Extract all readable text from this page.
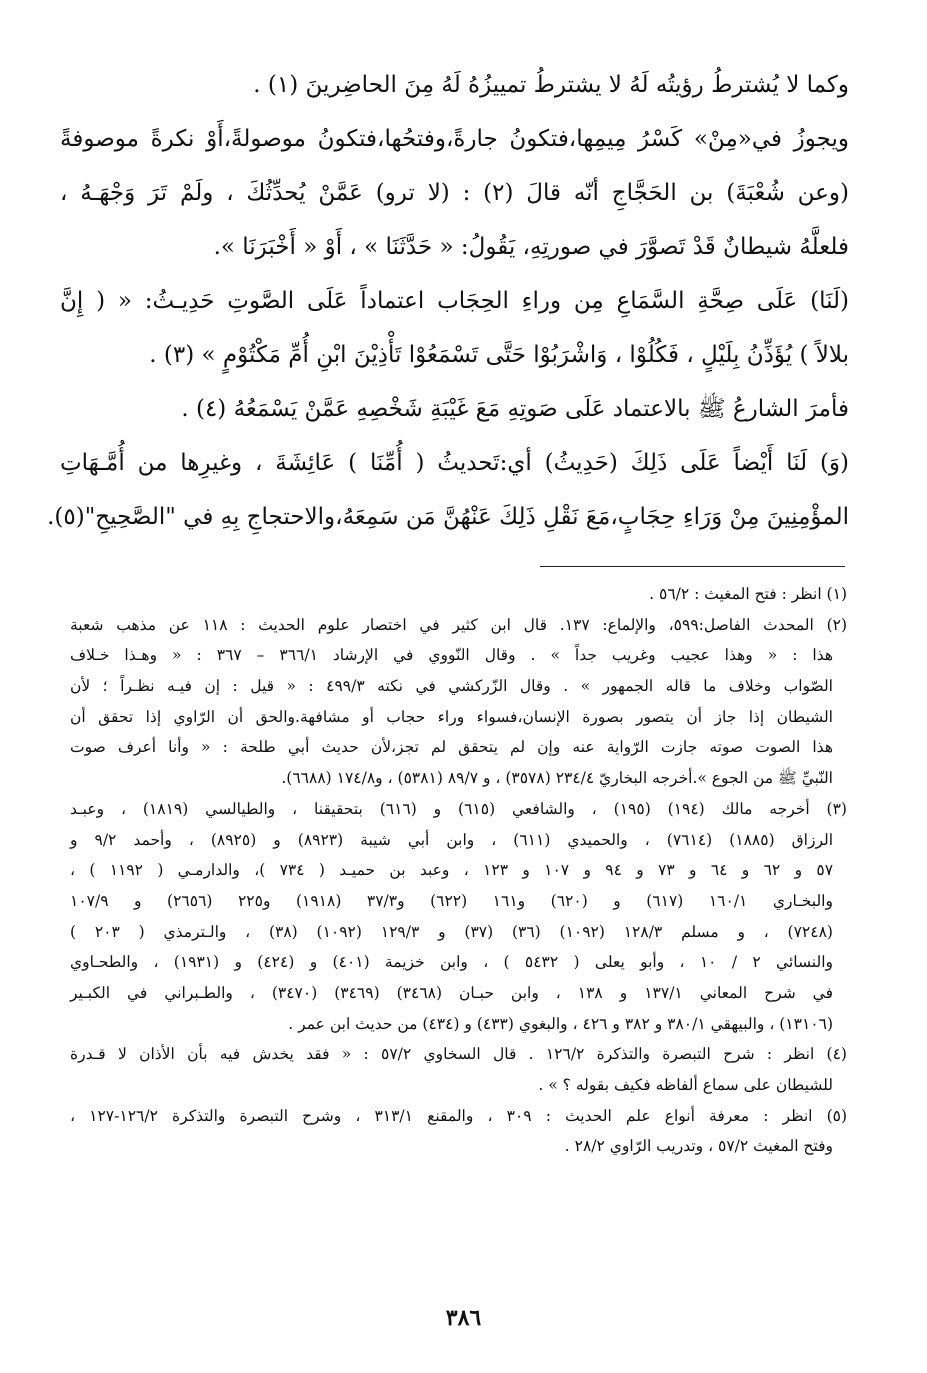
وكما لا يُشترطُ رؤيتُه لَهُ لا يشترطُ تمييزُهُ لَهُ مِنَ الحاضِرينَ (١) .
ويجوزُ في«مِنْ» كَسْرُ مِيمِها،فتكونُ جارةً،وفتحُها،فتكونُ موصولةً،أَوْ نكرةً موصوفةً
(وعن شُعْبَةَ) بن الحَجَّاجِ أنّه قالَ (٢) : (لا ترو) عَمَّنْ يُحدِّثُكَ ، ولَمْ تَرَ وَجْهَـهُ ،
فلعلَّهُ شيطانٌ قَدْ تَصوَّرَ في صورتِهِ، يَقُولُ: « حَدَّثَنَا » ، أَوْ « أَخْبَرَنَا ».
(لَنَا) عَلَى صِحَّةِ السَّمَاعِ مِن وراءِ الحِجَاب اعتماداً عَلَى الصَّوتِ حَدِيـثُ: « ( إِنَّ
بلالاً ) يُؤَذِّنُ بِلَيْلٍ ، فَكُلُوْا ، وَاشْرَبُوْا حَتَّى تَسْمَعُوْا تَأْذِيْنَ ابْنِ أُمِّ مَكْتُوْمٍ » (٣) .
فأمرَ الشارعُ ﷺ بالاعتماد عَلَى صَوتِهِ مَعَ غَيْبَةِ شَخْصِهِ عَمَّنْ يَسْمَعُهُ (٤) .
(وَ) لَنَا أَيْضاً عَلَى ذَلِكَ (حَدِيثُ) أي:تَحديثُ ( أُمِّنَا ) عَائِشَةَ ، وغيرِها من أُمَّـهَاتِ
المؤْمِنِينَ مِنْ وَرَاءِ حِجَابٍ،مَعَ نَقْلِ ذَلِكَ عَنْهُنَّ مَن سَمِعَهُ،والاحتجاجِ بِهِ في "الصَّحِيحِ"(٥).
(١) انظر : فتح المغيث : ٥٦/٢ .
(٢) المحدث الفاصل:٥٩٩، والإلماع: ١٣٧. قال ابن كثير في اختصار علوم الحديث : ١١٨ عن مذهب شعبة
هذا : « وهذا عجيب وغريب جداً » . وقال النّووي في الإرشاد ٣٦٦/١ – ٣٦٧ : « وهـذا خـلاف
الصّواب وخلاف ما قاله الجمهور » . وقال الزّركشي في نكته ٤٩٩/٣ : « قيل : إن فيـه نظـراً ؛ لأن
الشيطان إذا جاز أن يتصور بصورة الإنسان،فسواء وراء حجاب أو مشافهة.والحق أن الرّاوي إذا تحقق أن
هذا الصوت صوته جازت الرّواية عنه وإن لم يتحقق لم تجز،لأن حديث أبي طلحة : « وأنا أعرف صوت
النّبيِّ ﷺ من الجوع ».أخرجه البخاريّ ٢٣٤/٤ (٣٥٧٨) ، و ٨٩/٧ (٥٣٨١) ، و١٧٤/٨ (٦٦٨٨).
(٣) أخرجه مالك (١٩٤) (١٩٥) ، والشافعي (٦١٥) و (٦١٦) بتحقيقنا ، والطيالسي (١٨١٩) ، وعبـد
الرزاق (١٨٨٥) (٧٦١٤) ، والحميدي (٦١١) ، وابن أبي شيبة (٨٩٢٣) و (٨٩٢٥) ، وأحمد ٩/٢ و
٥٧ و ٦٢ و ٦٤ و ٧٣ و ٩٤ و ١٠٧ و ١٢٣ ، وعبد بن حميـد ( ٧٣٤ )، والدارمـي ( ١١٩٢ ) ،
والبخـاري ١٦٠/١ (٦١٧) و (٦٢٠) و١٦١ (٦٢٢) و٣٧/٣ (١٩١٨) و٢٢٥ (٢٦٥٦) و ١٠٧/٩
(٧٢٤٨) ، و مسلم ١٢٨/٣ (١٠٩٢) (٣٦) (٣٧) و ١٢٩/٣ (١٠٩٢) (٣٨) ، والـترمذي ( ٢٠٣ )
والنسائي ٢ / ١٠ ، وأبو يعلى ( ٥٤٣٢ ) ، وابن خزيمة (٤٠١) و (٤٢٤) و (١٩٣١) ، والطحـاوي
في شرح المعاني ١٣٧/١ و ١٣٨ ، وابن حبـان (٣٤٦٨) (٣٤٦٩) (٣٤٧٠) ، والطـبراني في الكبـير
(١٣١٠٦) ، والبيهقي ٣٨٠/١ و ٣٨٢ و ٤٢٦ ، والبغوي (٤٣٣) و (٤٣٤) من حديث ابن عمر .
(٤) انظر : شرح التبصرة والتذكرة ١٢٦/٢ . قال السخاوي ٥٧/٢ : « فقد يخدش فيه بأن الأذان لا قـدرة
للشيطان على سماع ألفاظه فكيف بقوله ؟ » .
(٥) انظر : معرفة أنواع علم الحديث : ٣٠٩ ، والمقنع ٣١٣/١ ، وشرح التبصرة والتذكرة ١٢٦/٢-١٢٧ ،
وفتح المغيث ٥٧/٢ ، وتدريب الرّاوي ٢٨/٢ .
٣٨٦
